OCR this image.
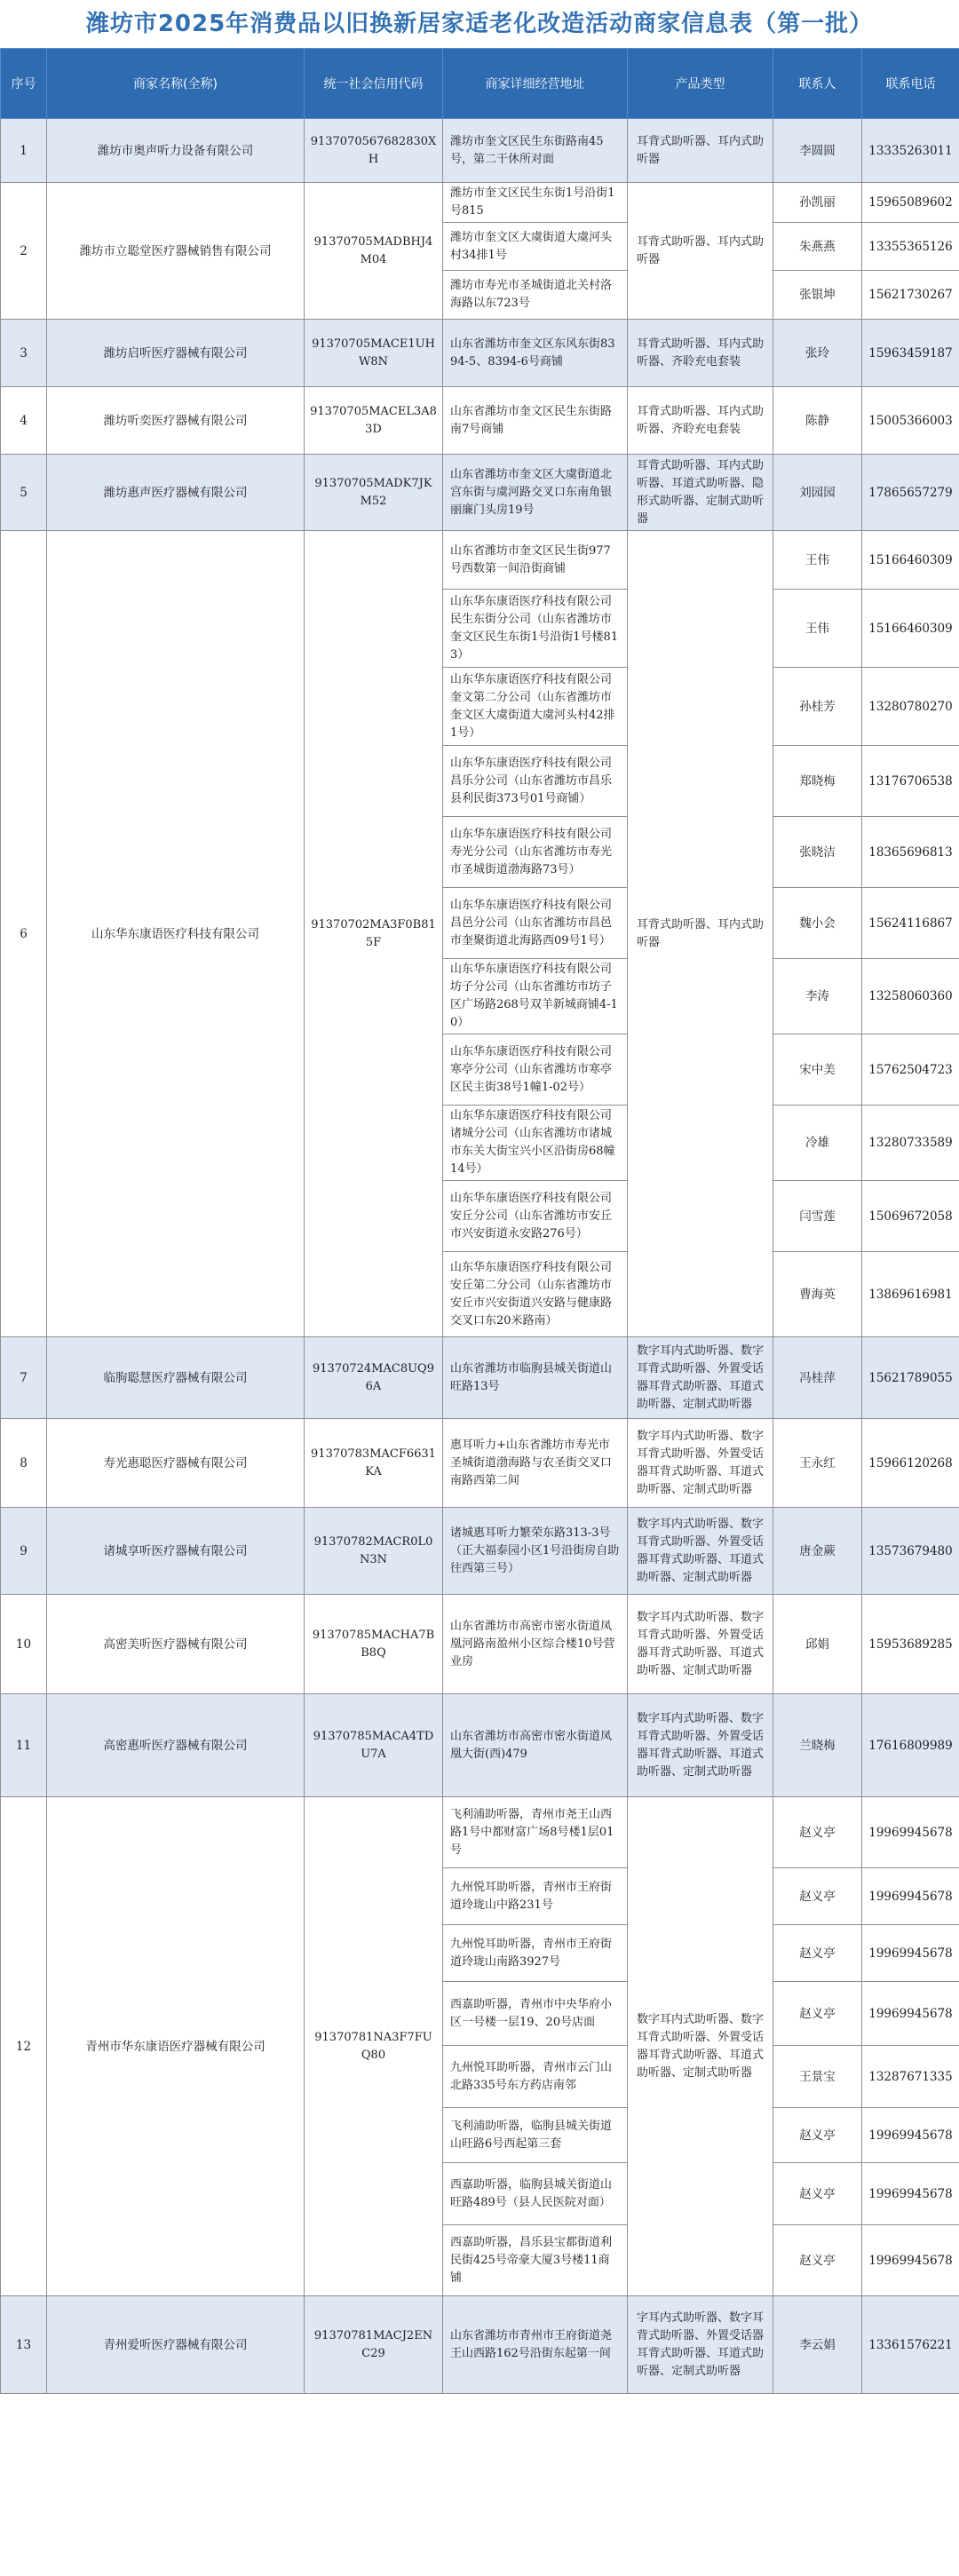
潍坊市2025年消费品以旧换新居家适老化改造活动商家信息表（第一批）
序号	商家名称(全称)	统一社会信用代码	商家详细经营地址	产品类型	联系人	联系电话
1	潍坊市奥声听力设备有限公司	91370705676828​30XH	潍坊市奎文区民生东街路南45号，第二干休所对面	耳背式助听器、耳内式助听器	李圆圆	13335263011
2	潍坊市立聪堂医疗器械销售有限公司	91370705MADBHJ4M04	潍坊市奎文区民生东街1号沿街1号815	耳背式助听器、耳内式助听器	孙凯丽	15965089602
			潍坊市奎文区大虞街道大虞河头村34排1号		朱燕燕	13355365126
			潍坊市寿光市圣城街道北关村洛海路以东723号		张银坤	15621730267
3	潍坊启听医疗器械有限公司	91370705MACE1UHW8N	山东省潍坊市奎文区东风东街8394-5、8394-6号商铺	耳背式助听器、耳内式助听器、齐聆充电套装	张玲	15963459187
4	潍坊听奕医疗器械有限公司	91370705MACEL3A83D	山东省潍坊市奎文区民生东街路南7号商铺	耳背式助听器、耳内式助听器、齐聆充电套装	陈静	15005366003
5	潍坊惠声医疗器械有限公司	91370705MADK7JKM52	山东省潍坊市奎文区大虞街道北宫东街与虞河路交叉口东南角银丽廉门头房19号	耳背式助听器、耳内式助听器、耳道式助听器、隐形式助听器、定制式助听器	刘园园	17865657279
6	山东华东康语医疗科技有限公司	91370702MA3F0B815F	山东省潍坊市奎文区民生街977号西数第一间沿街商铺	耳背式助听器、耳内式助听器	王伟	15166460309
			山东华东康语医疗科技有限公司民生东街分公司（山东省潍坊市奎文区民生东街1号沿街1号楼813）		王伟	15166460309
			山东华东康语医疗科技有限公司奎文第二分公司（山东省潍坊市奎文区大虞街道大虞河头村42排1号）		孙桂芳	13280780270
			山东华东康语医疗科技有限公司昌乐分公司（山东省潍坊市昌乐县利民街373号01号商铺）		郑晓梅	13176706538
			山东华东康语医疗科技有限公司寿光分公司（山东省潍坊市寿光市圣城街道渤海路73号）		张晓洁	18365696813
			山东华东康语医疗科技有限公司昌邑分公司（山东省潍坊市昌邑市奎聚街道北海路西09号1号）		魏小会	15624116867
			山东华东康语医疗科技有限公司坊子分公司（山东省潍坊市坊子区广场路268号双羊新城商铺4-10）		李涛	13258060360
			山东华东康语医疗科技有限公司寒亭分公司（山东省潍坊市寒亭区民主街38号1幢1-02号）		宋中美	15762504723
			山东华东康语医疗科技有限公司诸城分公司（山东省潍坊市诸城市东关大街宝兴小区沿街房68幢14号）		冷雄	13280733589
			山东华东康语医疗科技有限公司安丘分公司（山东省潍坊市安丘市兴安街道永安路276号）		闫雪莲	15069672058
			山东华东康语医疗科技有限公司安丘第二分公司（山东省潍坊市安丘市兴安街道兴安路与健康路交叉口东20米路南）		曹海英	13869616981
7	临朐聪慧医疗器械有限公司	91370724MAC8UQ96A	山东省潍坊市临朐县城关街道山旺路13号	数字耳内式助听器、数字耳背式助听器、外置受话器耳背式助听器、耳道式助听器、定制式助听器	冯桂萍	15621789055
8	寿光惠聪医疗器械有限公司	91370783MACF6631KA	惠耳听力+山东省潍坊市寿光市圣城街道渤海路与农圣街交叉口南路西第二间	数字耳内式助听器、数字耳背式助听器、外置受话器耳背式助听器、耳道式助听器、定制式助听器	王永红	15966120268
9	诸城享听医疗器械有限公司	91370782MACR0L0N3N	诸城惠耳听力繁荣东路313-3号（正大福泰园小区1号沿街房自助往西第三号）	数字耳内式助听器、数字耳背式助听器、外置受话器耳背式助听器、耳道式助听器、定制式助听器	唐金蕨	13573679480
10	高密美听医疗器械有限公司	91370785MACHA7BB8Q	山东省潍坊市高密市密水街道凤凰河路南盈州小区综合楼10号营业房	数字耳内式助听器、数字耳背式助听器、外置受话器耳背式助听器、耳道式助听器、定制式助听器	邱娟	15953689285
11	高密惠听医疗器械有限公司	91370785MACA4TDU7A	山东省潍坊市高密市密水街道凤凰大街(西)479	数字耳内式助听器、数字耳背式助听器、外置受话器耳背式助听器、耳道式助听器、定制式助听器	兰晓梅	17616809989
12	青州市华东康语医疗器械有限公司	91370781NA3F7FUQ80	飞利浦助听器，青州市尧王山西路1号中都财富广场8号楼1层01号	数字耳内式助听器、数字耳背式助听器、外置受话器耳背式助听器、耳道式助听器、定制式助听器	赵义亭	19969945678
			九州悦耳助听器，青州市王府街道玲珑山中路231号		赵义亭	19969945678
			九州悦耳助听器，青州市王府街道玲珑山南路3927号		赵义亭	19969945678
			西嘉助听器，青州市中央华府小区一号楼一层19、20号店面		赵义亭	19969945678
			九州悦耳助听器，青州市云门山北路335号东方药店南邻		王景宝	13287671335
			飞利浦助听器，临朐县城关街道山旺路6号西起第三套		赵义亭	19969945678
			西嘉助听器，临朐县城关街道山旺路489号（县人民医院对面）		赵义亭	19969945678
			西嘉助听器，昌乐县宝都街道利民街425号帝豪大厦3号楼11商铺		赵义亭	19969945678
13	青州爱听医疗器械有限公司	91370781MACJ2ENC29	山东省潍坊市青州市王府街道尧王山西路162号沿街东起第一间	字耳内式助听器、数字耳背式助听器、外置受话器耳背式助听器、耳道式助听器、定制式助听器	李云娟	13361576221
